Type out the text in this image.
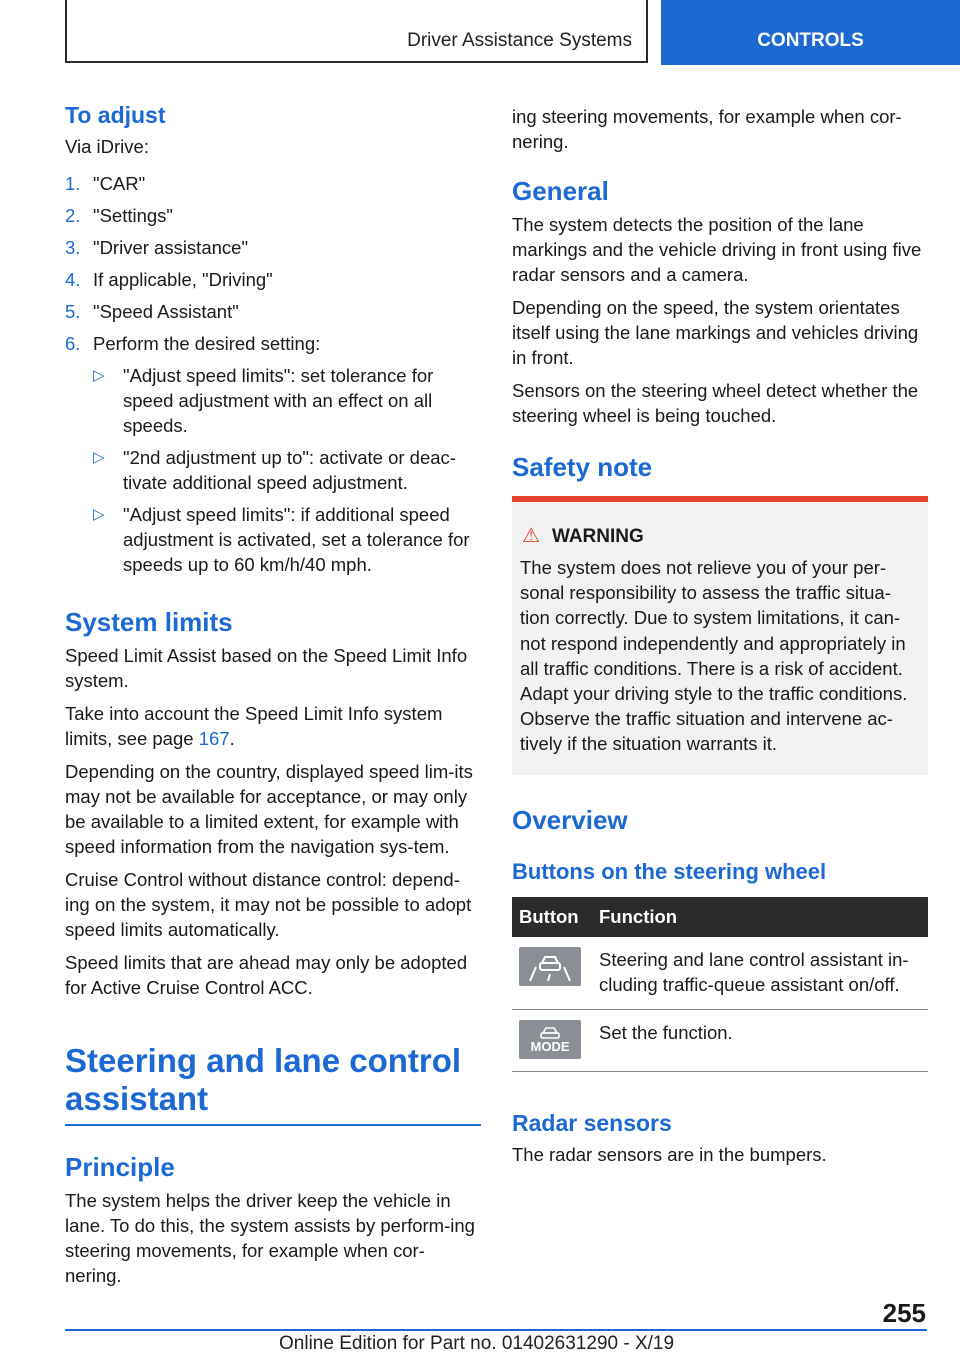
Driver Assistance Systems	CONTROLS
To adjust

Via iDrive:

1. "CAR"
2. "Settings"
3. "Driver assistance"
4. If applicable, "Driving"
5. "Speed Assistant"
6. Perform the desired setting:
▷ "Adjust speed limits": set tolerance for speed adjustment with an effect on all speeds.
▷ "2nd adjustment up to": activate or deac‐tivate additional speed adjustment.
▷ "Adjust speed limits": if additional speed adjustment is activated, set a tolerance for speeds up to 60 km/h/40 mph.
System limits

Speed Limit Assist based on the Speed Limit Info system.

Take into account the Speed Limit Info system limits, see page 167.

Depending on the country, displayed speed lim‐its may not be available for acceptance, or may only be available to a limited extent, for example with speed information from the navigation sys‐tem.

Cruise Control without distance control: depend‐ing on the system, it may not be possible to adopt speed limits automatically.

Speed limits that are ahead may only be adopted for Active Cruise Control ACC.

Steering and lane control assistant
Principle

The system helps the driver keep the vehicle in lane. To do this, the system assists by perform‐ing steering movements, for example when cor‐nering.

ing steering movements, for example when cor‐nering.

General

The system detects the position of the lane markings and the vehicle driving in front using five radar sensors and a camera.

Depending on the speed, the system orientates itself using the lane markings and vehicles driving in front.

Sensors on the steering wheel detect whether the steering wheel is being touched.

Safety note
⚠ WARNING

The system does not relieve you of your per‐sonal responsibility to assess the traffic situa‐tion correctly. Due to system limitations, it can‐not respond independently and appropriately in all traffic conditions. There is a risk of accident. Adapt your driving style to the traffic conditions. Observe the traffic situation and intervene ac‐tively if the situation warrants it.

Overview
Buttons on the steering wheel
Button	Function

	Steering and lane control assistant in‐cluding traffic-queue assistant on/off.

MODE	Set the function.
Radar sensors

The radar sensors are in the bumpers.

255
Online Edition for Part no. 01402631290 - X/19
